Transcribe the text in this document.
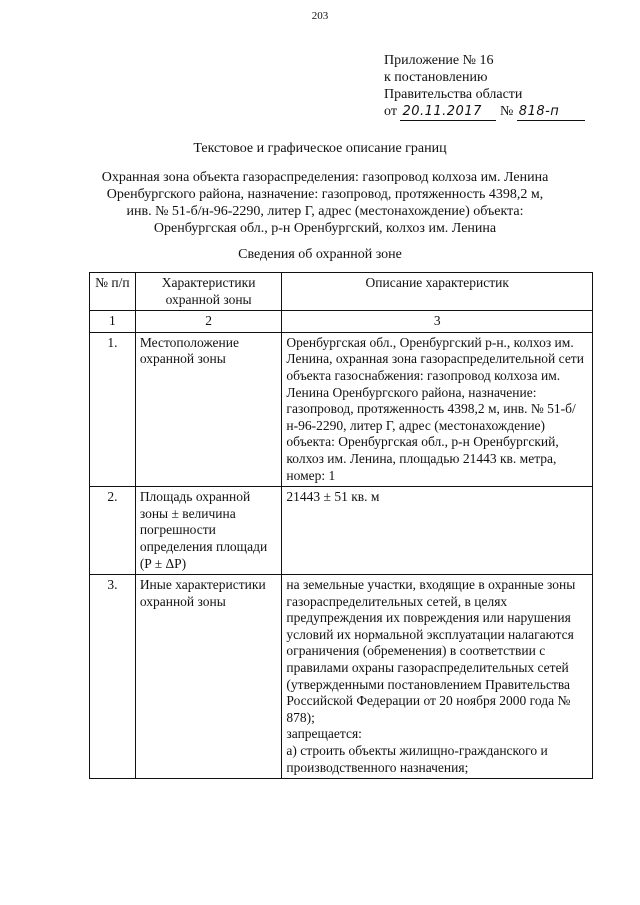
203
Приложение № 16
к постановлению
Правительства области
от 20.11.2017 № 818-п
Текстовое и графическое описание границ
Охранная зона объекта газораспределения: газопровод колхоза им. Ленина
Оренбургского района, назначение: газопровод, протяженность 4398,2 м,
инв. № 51-б/н-96-2290, литер Г, адрес (местонахождение) объекта:
Оренбургская обл., р-н Оренбургский, колхоз им. Ленина
Сведения об охранной зоне
№ п/п	Характеристики охранной зоны	Описание характеристик
1	2	3
1.	Местоположение охранной зоны	Оренбургская обл., Оренбургский р-н., колхоз им. Ленина, охранная зона газораспределительной сети объекта газоснабжения: газопровод колхоза им. Ленина Оренбургского района, назначение: газопровод, протяженность 4398,2 м, инв. № 51-б/н-96-2290, литер Г, адрес (местонахождение) объекта: Оренбургская обл., р-н Оренбургский, колхоз им. Ленина, площадью 21443 кв. метра, номер: 1
2.	Площадь охранной зоны ± величина погрешности определения площади (P ± ΔP)	21443 ± 51 кв. м
3.	Иные характеристики охранной зоны	на земельные участки, входящие в охранные зоны газораспределительных сетей, в целях предупреждения их повреждения или нарушения условий их нормальной эксплуатации налагаются ограничения (обременения) в соответствии с правилами охраны газораспределительных сетей (утвержденными постановлением Правительства Российской Федерации от 20 ноября 2000 года № 878);
запрещается:
а) строить объекты жилищно-гражданского и производственного назначения;
